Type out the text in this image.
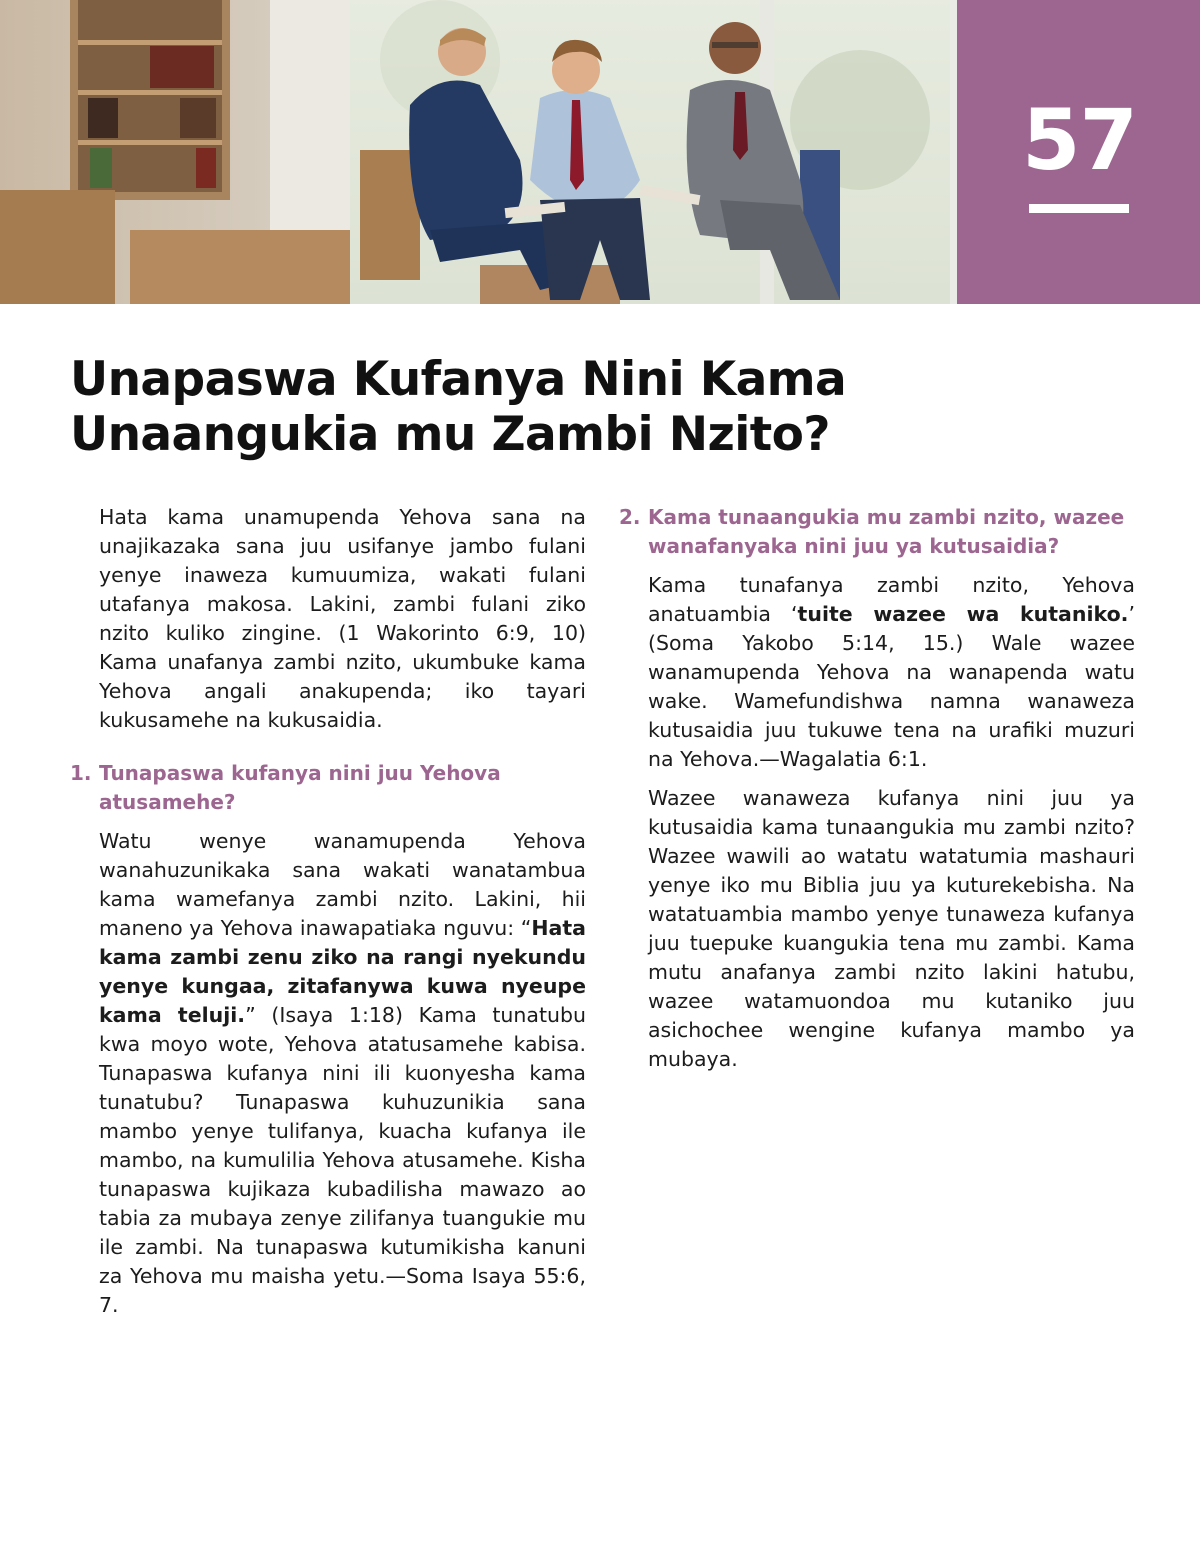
57
Unapaswa Kufanya Nini Kama
Unaangukia mu Zambi Nzito?

Hata kama unamupenda Yehova sana na unajikazaka sana juu usifanye jambo fulani yenye inaweza kumuumiza, wakati fulani utafanya makosa. Lakini, zambi fulani ziko nzito kuliko zingine. (1 Wakorinto 6:9, 10) Kama unafanya zambi nzito, ukumbuke kama Yehova angali anakupenda; iko tayari kukusamehe na kukusaidia.

1. Tunapaswa kufanya nini juu Yehova atusamehe?

Watu wenye wanamupenda Yehova wanahuzunikaka sana wakati wanatambua kama wamefanya zambi nzito. Lakini, hii maneno ya Yehova inawapatiaka nguvu: “Hata kama zambi zenu ziko na rangi nyekundu yenye kungaa, zitafanywa kuwa nyeupe kama teluji.” (Isaya 1:18) Kama tunatubu kwa moyo wote, Yehova atatusamehe kabisa. Tunapaswa kufanya nini ili kuonyesha kama tunatubu? Tunapaswa kuhuzunikia sana mambo yenye tulifanya, kuacha kufanya ile mambo, na kumulilia Yehova atusamehe. Kisha tunapaswa kujikaza kubadilisha mawazo ao tabia za mubaya zenye zilifanya tuangukie mu ile zambi. Na tunapaswa kutumikisha kanuni za Yehova mu maisha yetu.—Soma Isaya 55:6, 7.

2. Kama tunaangukia mu zambi nzito, wazee wanafanyaka nini juu ya kutusaidia?

Kama tunafanya zambi nzito, Yehova anatuambia ‘tuite wazee wa kutaniko.’ (Soma Yakobo 5:14, 15.) Wale wazee wanamupenda Yehova na wanapenda watu wake. Wamefundishwa namna wanaweza kutusaidia juu tukuwe tena na urafiki muzuri na Yehova.—Wagalatia 6:1.

Wazee wanaweza kufanya nini juu ya kutusaidia kama tunaangukia mu zambi nzito? Wazee wawili ao watatu watatumia mashauri yenye iko mu Biblia juu ya kuturekebisha. Na watatuambia mambo yenye tunaweza kufanya juu tuepuke kuangukia tena mu zambi. Kama mutu anafanya zambi nzito lakini hatubu, wazee watamuondoa mu kutaniko juu asichochee wengine kufanya mambo ya mubaya.
